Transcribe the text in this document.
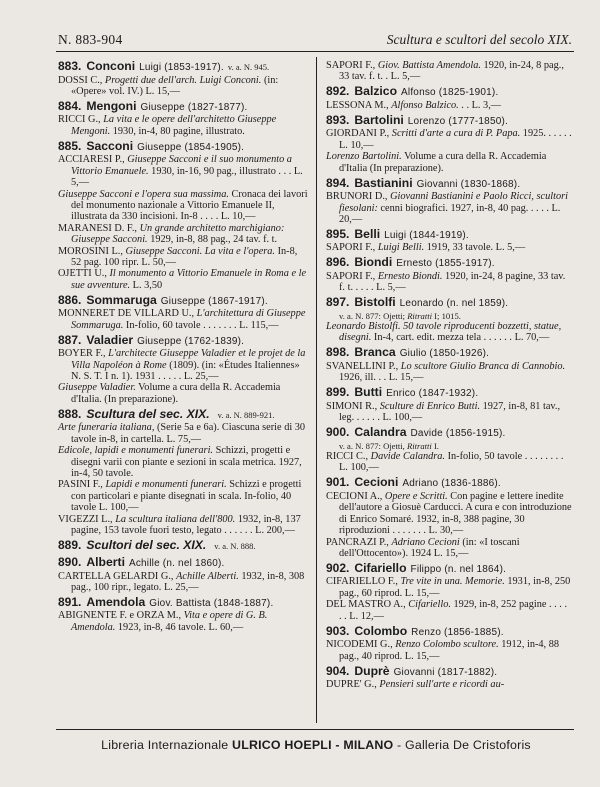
N. 883-904	Scultura e scultori del secolo XIX.
883. Conconi Luigi (1853-1917). v. a. N. 945.
DOSSI C., Progetti due dell'arch. Luigi Conconi. (in: «Opere» vol. IV.) L. 15,—
884. Mengoni Giuseppe (1827-1877).
RICCI G., La vita e le opere dell'architetto Giuseppe Mengoni. 1930, in-4, 80 pagine, illustrato.
885. Sacconi Giuseppe (1854-1905).
ACCIARESI P., Giuseppe Sacconi e il suo monumento a Vittorio Emanuele. 1930, in-16, 90 pag., illustrato . . . L. 5,—
Giuseppe Sacconi e l'opera sua massima. Cronaca dei lavori del monumento nazionale a Vittorio Emanuele II, illustrata da 330 incisioni. In-8 . . . . L. 10,—
MARANESI D. F., Un grande architetto marchigiano: Giuseppe Sacconi. 1929, in-8, 88 pag., 24 tav. f. t.
MOROSINI L., Giuseppe Sacconi. La vita e l'opera. In-8, 52 pag. 100 ripr. L. 50,—
OJETTI U., Il monumento a Vittorio Emanuele in Roma e le sue avventure. L. 3,50
886. Sommaruga Giuseppe (1867-1917).
MONNERET DE VILLARD U., L'architettura di Giuseppe Sommaruga. In-folio, 60 tavole . . . . . . . L. 115,—
887. Valadier Giuseppe (1762-1839).
BOYER F., L'architecte Giuseppe Valadier et le projet de la Villa Napoléon à Rome (1809). (in: «Études Italiennes» N. S. T. I n. 1). 1931 . . . . . L. 25,—
Giuseppe Valadier. Volume a cura della R. Accademia d'Italia. (In preparazione).
888. Scultura del sec. XIX. v. a. N. 889-921.
Arte funeraria italiana, (Serie 5a e 6a). Ciascuna serie di 30 tavole in-8, in cartella. L. 75,—
Edicole, lapidi e monumenti funerari. Schizzi, progetti e disegni varii con piante e sezioni in scala metrica. 1927, in-4, 50 tavole.
PASINI F., Lapidi e monumenti funerari. Schizzi e progetti con particolari e piante disegnati in scala. In-folio, 40 tavole L. 100,—
VIGEZZI L., La scultura italiana dell'800. 1932, in-8, 137 pagine, 153 tavole fuori testo, legato . . . . . . L. 200,—
889. Scultori del sec. XIX. v. a. N. 888.
890. Alberti Achille (n. nel 1860).
CARTELLA GELARDI G., Achille Alberti. 1932, in-8, 308 pag., 100 ripr., legato. L. 25,—
891. Amendola Giov. Battista (1848-1887).
ABIGNENTE F. e ORZA M., Vita e opere di G. B. Amendola. 1923, in-8, 46 tavole. L. 60,—
SAPORI F., Giov. Battista Amendola. 1920, in-24, 8 pag., 33 tav. f. t. . L. 5,—
892. Balzico Alfonso (1825-1901).
LESSONA M., Alfonso Balzico. . . L. 3,—
893. Bartolini Lorenzo (1777-1850).
GIORDANI P., Scritti d'arte a cura di P. Papa. 1925. . . . . . L. 10,—
Lorenzo Bartolini. Volume a cura della R. Accademia d'Italia (In preparazione).
894. Bastianini Giovanni (1830-1868).
BRUNORI D., Giovanni Bastianini e Paolo Ricci, scultori fiesolani: cenni biografici. 1927, in-8, 40 pag. . . . . L. 20,—
895. Belli Luigi (1844-1919).
SAPORI F., Luigi Belli. 1919, 33 tavole. L. 5,—
896. Biondi Ernesto (1855-1917).
SAPORI F., Ernesto Biondi. 1920, in-24, 8 pagine, 33 tav. f. t. . . . . L. 5,—
897. Bistolfi Leonardo (n. nel 1859).
v. a. N. 877: Ojetti; Ritratti I; 1015.
Leonardo Bistolfi. 50 tavole riproducenti bozzetti, statue, disegni. In-4, cart. edit. mezza tela . . . . . . L. 70,—
898. Branca Giulio (1850-1926).
SVANELLINI P., Lo scultore Giulio Branca di Cannobio. 1926, ill. . . L. 15,—
899. Butti Enrico (1847-1932).
SIMONI R., Sculture di Enrico Butti. 1927, in-8, 81 tav., leg. . . . . . L. 100,—
900. Calandra Davide (1856-1915).
v. a. N. 877: Ojetti, Ritratti I.
RICCI C., Davide Calandra. In-folio, 50 tavole . . . . . . . . L. 100,—
901. Cecioni Adriano (1836-1886).
CECIONI A., Opere e Scritti. Con pagine e lettere inedite dell'autore a Giosuè Carducci. A cura e con introduzione di Enrico Somaré. 1932, in-8, 388 pagine, 30 riproduzioni . . . . . . . L. 30,—
PANCRAZI P., Adriano Cecioni (in: «I toscani dell'Ottocento»). 1924 L. 15,—
902. Cifariello Filippo (n. nel 1864).
CIFARIELLO F., Tre vite in una. Memorie. 1931, in-8, 250 pag., 60 riprod. L. 15,—
DEL MASTRO A., Cifariello. 1929, in-8, 252 pagine . . . . . . L. 12,—
903. Colombo Renzo (1856-1885).
NICODEMI G., Renzo Colombo scultore. 1912, in-4, 88 pag., 40 riprod. L. 15,—
904. Duprè Giovanni (1817-1882).
DUPRE' G., Pensieri sull'arte e ricordi au-
Libreria Internazionale ULRICO HOEPLI - MILANO - Galleria De Cristoforis
